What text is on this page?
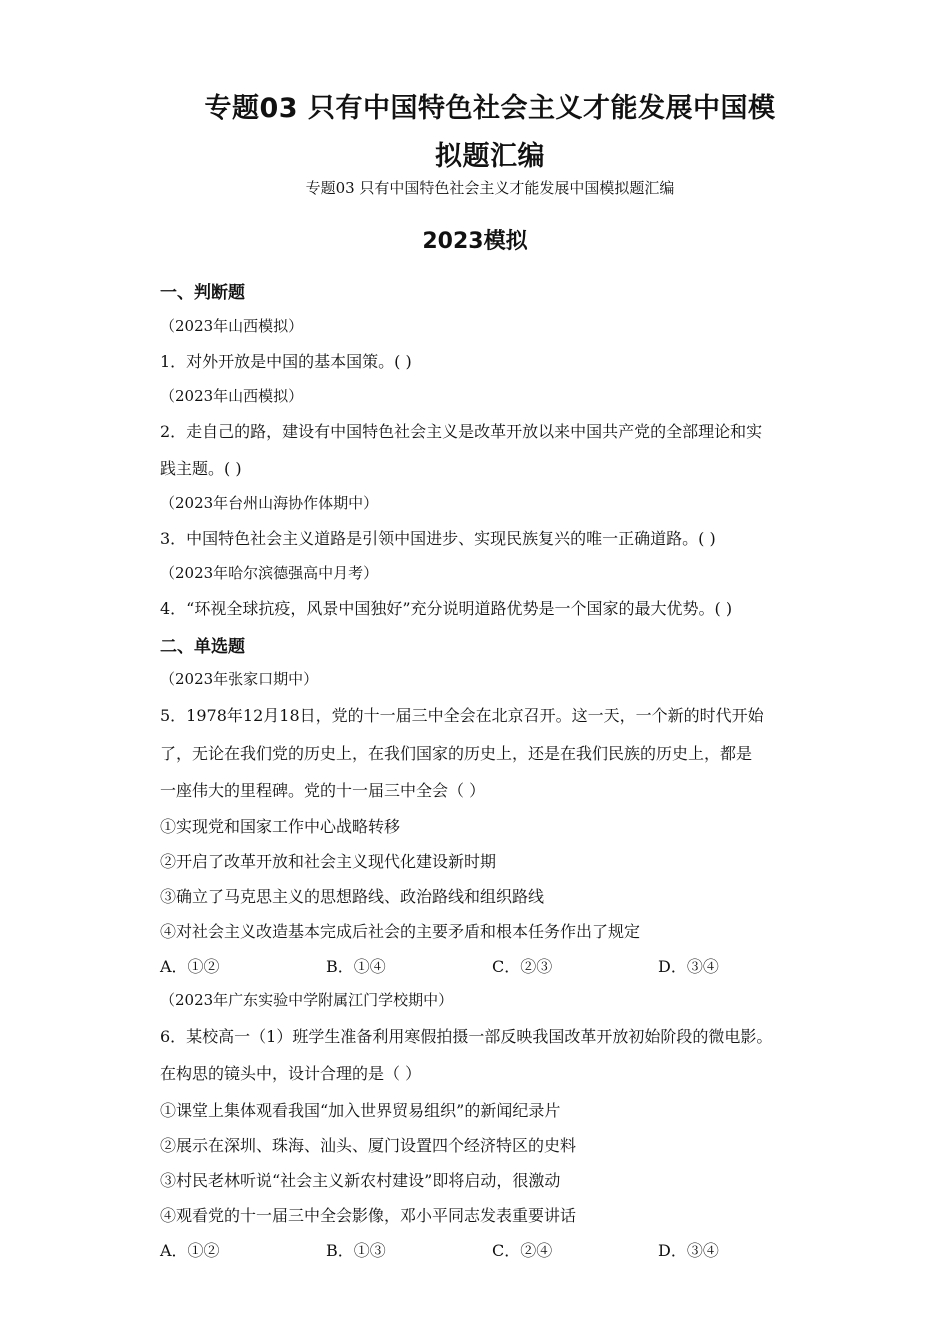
专题03 只有中国特色社会主义才能发展中国模
拟题汇编
专题03 只有中国特色社会主义才能发展中国模拟题汇编
2023模拟
一、判断题
（2023年山西模拟）
1．对外开放是中国的基本国策。( )
（2023年山西模拟）
2．走自己的路，建设有中国特色社会主义是改革开放以来中国共产党的全部理论和实
践主题。( )
（2023年台州山海协作体期中）
3．中国特色社会主义道路是引领中国进步、实现民族复兴的唯一正确道路。( )
（2023年哈尔滨德强高中月考）
4．“环视全球抗疫，风景中国独好”充分说明道路优势是一个国家的最大优势。( )
二、单选题
（2023年张家口期中）
5．1978年12月18日，党的十一届三中全会在北京召开。这一天，一个新的时代开始
了，无论在我们党的历史上，在我们国家的历史上，还是在我们民族的历史上，都是
一座伟大的里程碑。党的十一届三中全会（ ）
①实现党和国家工作中心战略转移
②开启了改革开放和社会主义现代化建设新时期
③确立了马克思主义的思想路线、政治路线和组织路线
④对社会主义改造基本完成后社会的主要矛盾和根本任务作出了规定
A．①②	B．①④	C．②③	D．③④
（2023年广东实验中学附属江门学校期中）
6．某校高一（1）班学生准备利用寒假拍摄一部反映我国改革开放初始阶段的微电影。
在构思的镜头中，设计合理的是（ ）
①课堂上集体观看我国“加入世界贸易组织”的新闻纪录片
②展示在深圳、珠海、汕头、厦门设置四个经济特区的史料
③村民老林听说“社会主义新农村建设”即将启动，很激动
④观看党的十一届三中全会影像，邓小平同志发表重要讲话
A．①②	B．①③	C．②④	D．③④
